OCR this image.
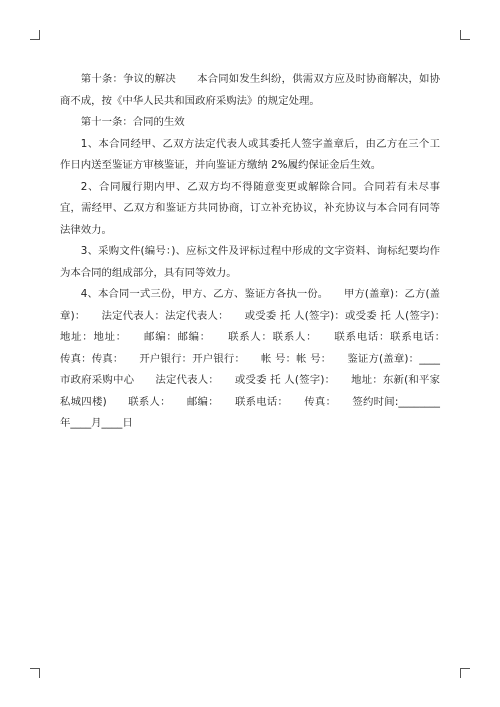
第十条：争议的解决　　本合同如发生纠纷，供需双方应及时协商解决，如协商不成，按《中华人民共和国政府采购法》的规定处理。

第十一条：合同的生效

1、本合同经甲、乙双方法定代表人或其委托人签字盖章后，由乙方在三个工作日内送至鉴证方审核鉴证，并向鉴证方缴纳 2%履约保证金后生效。

2、合同履行期内甲、乙双方均不得随意变更或解除合同。合同若有未尽事宜，需经甲、乙双方和鉴证方共同协商，订立补充协议，补充协议与本合同有同等法律效力。

3、采购文件(编号：)、应标文件及评标过程中形成的文字资料、询标纪要均作为本合同的组成部分，具有同等效力。

4、本合同一式三份，甲方、乙方、鉴证方各执一份。　　甲方(盖章)：乙方(盖章)：　　法定代表人：法定代表人：　　或受委 托 人(签字)：或受委 托 人(签字)：　　地址：地址：　　邮编：邮编：　　联系人：联系人：　　联系电话：联系电话：　　传真：传真：　　开户银行：开户银行：　　帐 号：帐 号：　　鉴证方(盖章)：____市政府采购中心　　法定代表人：　　或受委 托 人(签字)：　　地址：东新(和平家私城四楼)　　联系人：　　邮编：　　联系电话：　　传真：　　签约时间:________年____月____日
